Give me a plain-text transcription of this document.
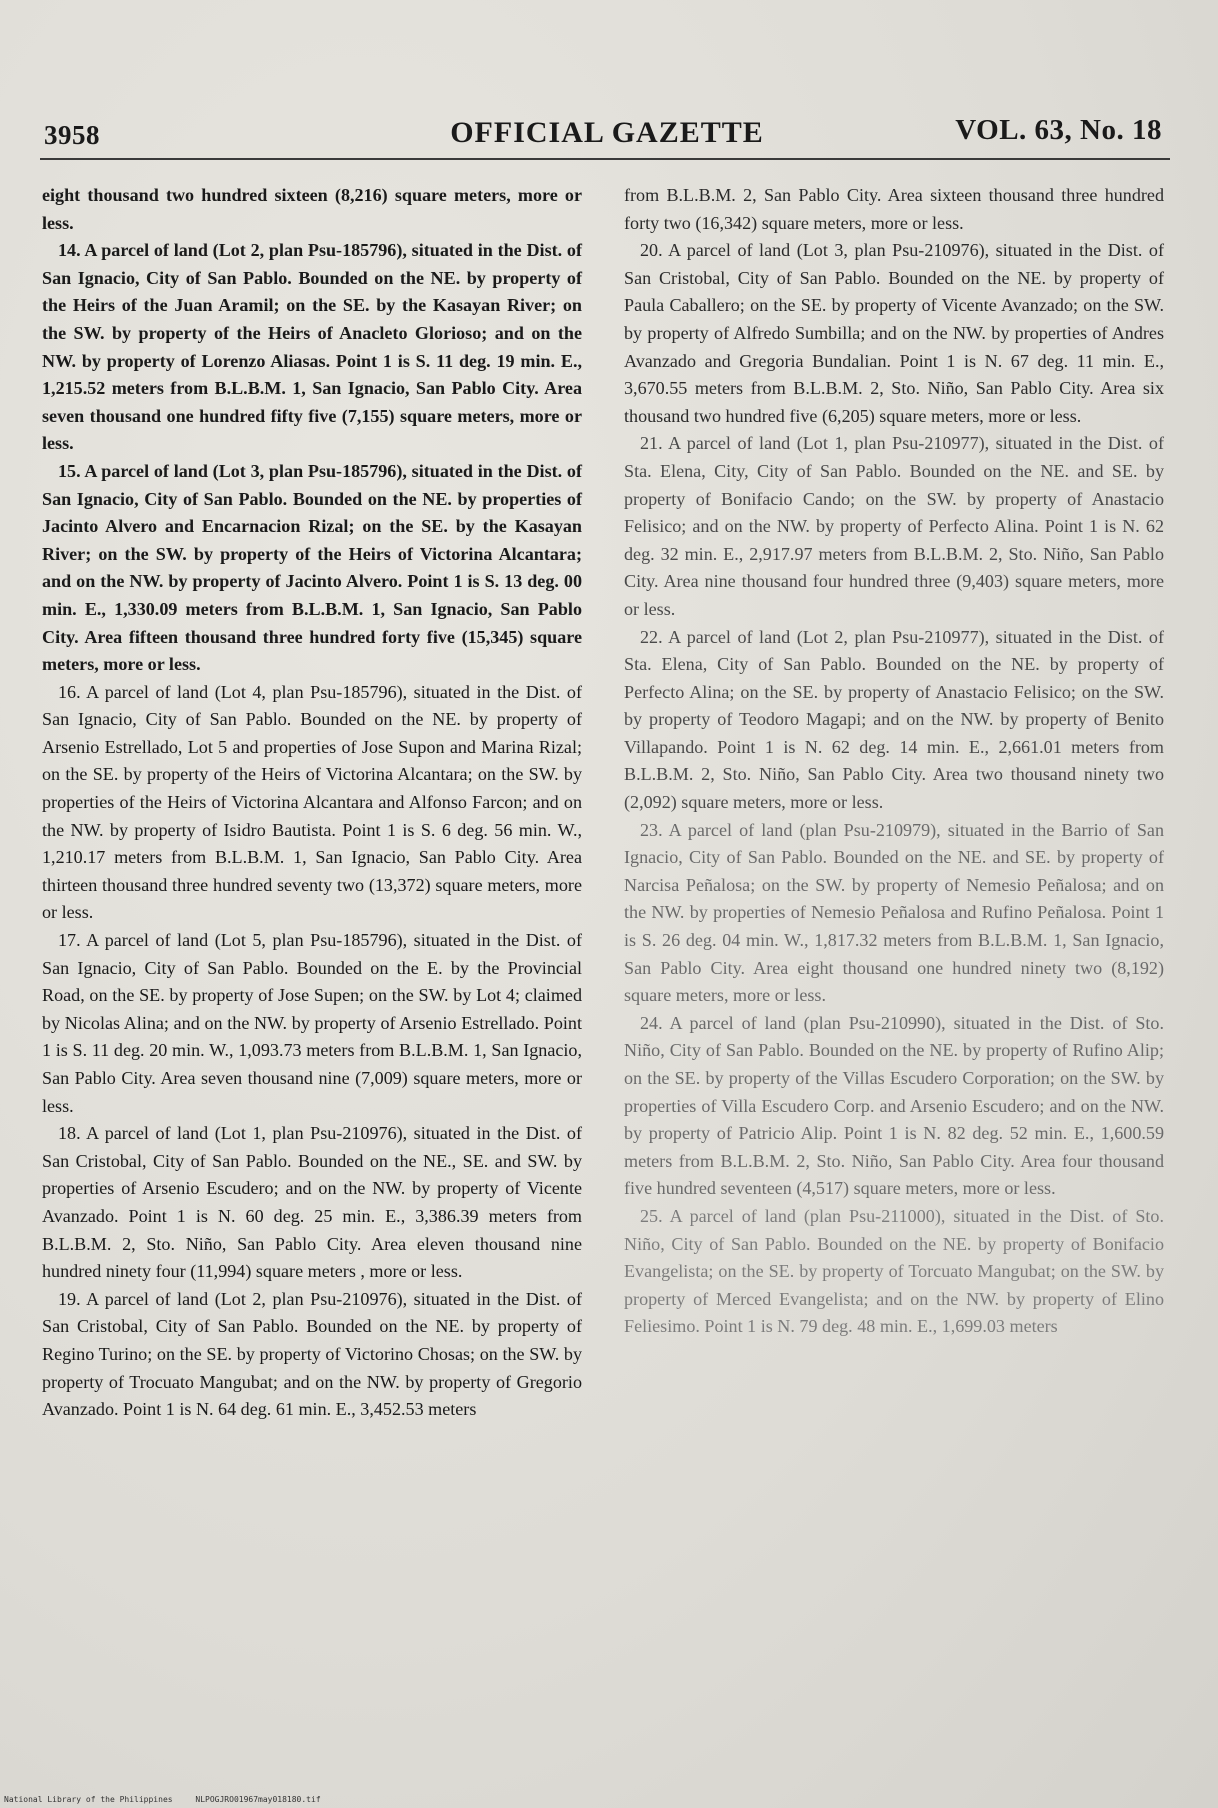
3958	OFFICIAL GAZETTE	VOL. 63, No. 18

eight thousand two hundred sixteen (8,216) square meters, more or less.

14. A parcel of land (Lot 2, plan Psu-185796), situated in the Dist. of San Ignacio, City of San Pablo. Bounded on the NE. by property of the Heirs of the Juan Aramil; on the SE. by the Kasayan River; on the SW. by property of the Heirs of Anacleto Glorioso; and on the NW. by property of Lorenzo Aliasas. Point 1 is S. 11 deg. 19 min. E., 1,215.52 meters from B.L.B.M. 1, San Ignacio, San Pablo City. Area seven thousand one hundred fifty five (7,155) square meters, more or less.

15. A parcel of land (Lot 3, plan Psu-185796), situated in the Dist. of San Ignacio, City of San Pablo. Bounded on the NE. by properties of Jacinto Alvero and Encarnacion Rizal; on the SE. by the Kasayan River; on the SW. by property of the Heirs of Victorina Alcantara; and on the NW. by property of Jacinto Alvero. Point 1 is S. 13 deg. 00 min. E., 1,330.09 meters from B.L.B.M. 1, San Ignacio, San Pablo City. Area fifteen thousand three hundred forty five (15,345) square meters, more or less.

16. A parcel of land (Lot 4, plan Psu-185796), situated in the Dist. of San Ignacio, City of San Pablo. Bounded on the NE. by property of Arsenio Estrellado, Lot 5 and properties of Jose Supon and Marina Rizal; on the SE. by property of the Heirs of Victorina Alcantara; on the SW. by properties of the Heirs of Victorina Alcantara and Alfonso Farcon; and on the NW. by property of Isidro Bautista. Point 1 is S. 6 deg. 56 min. W., 1,210.17 meters from B.L.B.M. 1, San Ignacio, San Pablo City. Area thirteen thousand three hundred seventy two (13,372) square meters, more or less.

17. A parcel of land (Lot 5, plan Psu-185796), situated in the Dist. of San Ignacio, City of San Pablo. Bounded on the E. by the Provincial Road, on the SE. by property of Jose Supen; on the SW. by Lot 4; claimed by Nicolas Alina; and on the NW. by property of Arsenio Estrellado. Point 1 is S. 11 deg. 20 min. W., 1,093.73 meters from B.L.B.M. 1, San Ignacio, San Pablo City. Area seven thousand nine (7,009) square meters, more or less.

18. A parcel of land (Lot 1, plan Psu-210976), situated in the Dist. of San Cristobal, City of San Pablo. Bounded on the NE., SE. and SW. by properties of Arsenio Escudero; and on the NW. by property of Vicente Avanzado. Point 1 is N. 60 deg. 25 min. E., 3,386.39 meters from B.L.B.M. 2, Sto. Niño, San Pablo City. Area eleven thousand nine hundred ninety four (11,994) square meters , more or less.

19. A parcel of land (Lot 2, plan Psu-210976), situated in the Dist. of San Cristobal, City of San Pablo. Bounded on the NE. by property of Regino Turino; on the SE. by property of Victorino Chosas; on the SW. by property of Trocuato Mangubat; and on the NW. by property of Gregorio Avanzado. Point 1 is N. 64 deg. 61 min. E., 3,452.53 meters

from B.L.B.M. 2, San Pablo City. Area sixteen thousand three hundred forty two (16,342) square meters, more or less.

20. A parcel of land (Lot 3, plan Psu-210976), situated in the Dist. of San Cristobal, City of San Pablo. Bounded on the NE. by property of Paula Caballero; on the SE. by property of Vicente Avanzado; on the SW. by property of Alfredo Sumbilla; and on the NW. by properties of Andres Avanzado and Gregoria Bundalian. Point 1 is N. 67 deg. 11 min. E., 3,670.55 meters from B.L.B.M. 2, Sto. Niño, San Pablo City. Area six thousand two hundred five (6,205) square meters, more or less.

21. A parcel of land (Lot 1, plan Psu-210977), situated in the Dist. of Sta. Elena, City, City of San Pablo. Bounded on the NE. and SE. by property of Bonifacio Cando; on the SW. by property of Anastacio Felisico; and on the NW. by property of Perfecto Alina. Point 1 is N. 62 deg. 32 min. E., 2,917.97 meters from B.L.B.M. 2, Sto. Niño, San Pablo City. Area nine thousand four hundred three (9,403) square meters, more or less.

22. A parcel of land (Lot 2, plan Psu-210977), situated in the Dist. of Sta. Elena, City of San Pablo. Bounded on the NE. by property of Perfecto Alina; on the SE. by property of Anastacio Felisico; on the SW. by property of Teodoro Magapi; and on the NW. by property of Benito Villapando. Point 1 is N. 62 deg. 14 min. E., 2,661.01 meters from B.L.B.M. 2, Sto. Niño, San Pablo City. Area two thousand ninety two (2,092) square meters, more or less.

23. A parcel of land (plan Psu-210979), situated in the Barrio of San Ignacio, City of San Pablo. Bounded on the NE. and SE. by property of Narcisa Peñalosa; on the SW. by property of Nemesio Peñalosa; and on the NW. by properties of Nemesio Peñalosa and Rufino Peñalosa. Point 1 is S. 26 deg. 04 min. W., 1,817.32 meters from B.L.B.M. 1, San Ignacio, San Pablo City. Area eight thousand one hundred ninety two (8,192) square meters, more or less.

24. A parcel of land (plan Psu-210990), situated in the Dist. of Sto. Niño, City of San Pablo. Bounded on the NE. by property of Rufino Alip; on the SE. by property of the Villas Escudero Corporation; on the SW. by properties of Villa Escudero Corp. and Arsenio Escudero; and on the NW. by property of Patricio Alip. Point 1 is N. 82 deg. 52 min. E., 1,600.59 meters from B.L.B.M. 2, Sto. Niño, San Pablo City. Area four thousand five hundred seventeen (4,517) square meters, more or less.

25. A parcel of land (plan Psu-211000), situated in the Dist. of Sto. Niño, City of San Pablo. Bounded on the NE. by property of Bonifacio Evangelista; on the SE. by property of Torcuato Mangubat; on the SW. by property of Merced Evangelista; and on the NW. by property of Elino Feliesimo. Point 1 is N. 79 deg. 48 min. E., 1,699.03 meters

National Library of the Philippines	NLPOGJRO01967may018180.tif
